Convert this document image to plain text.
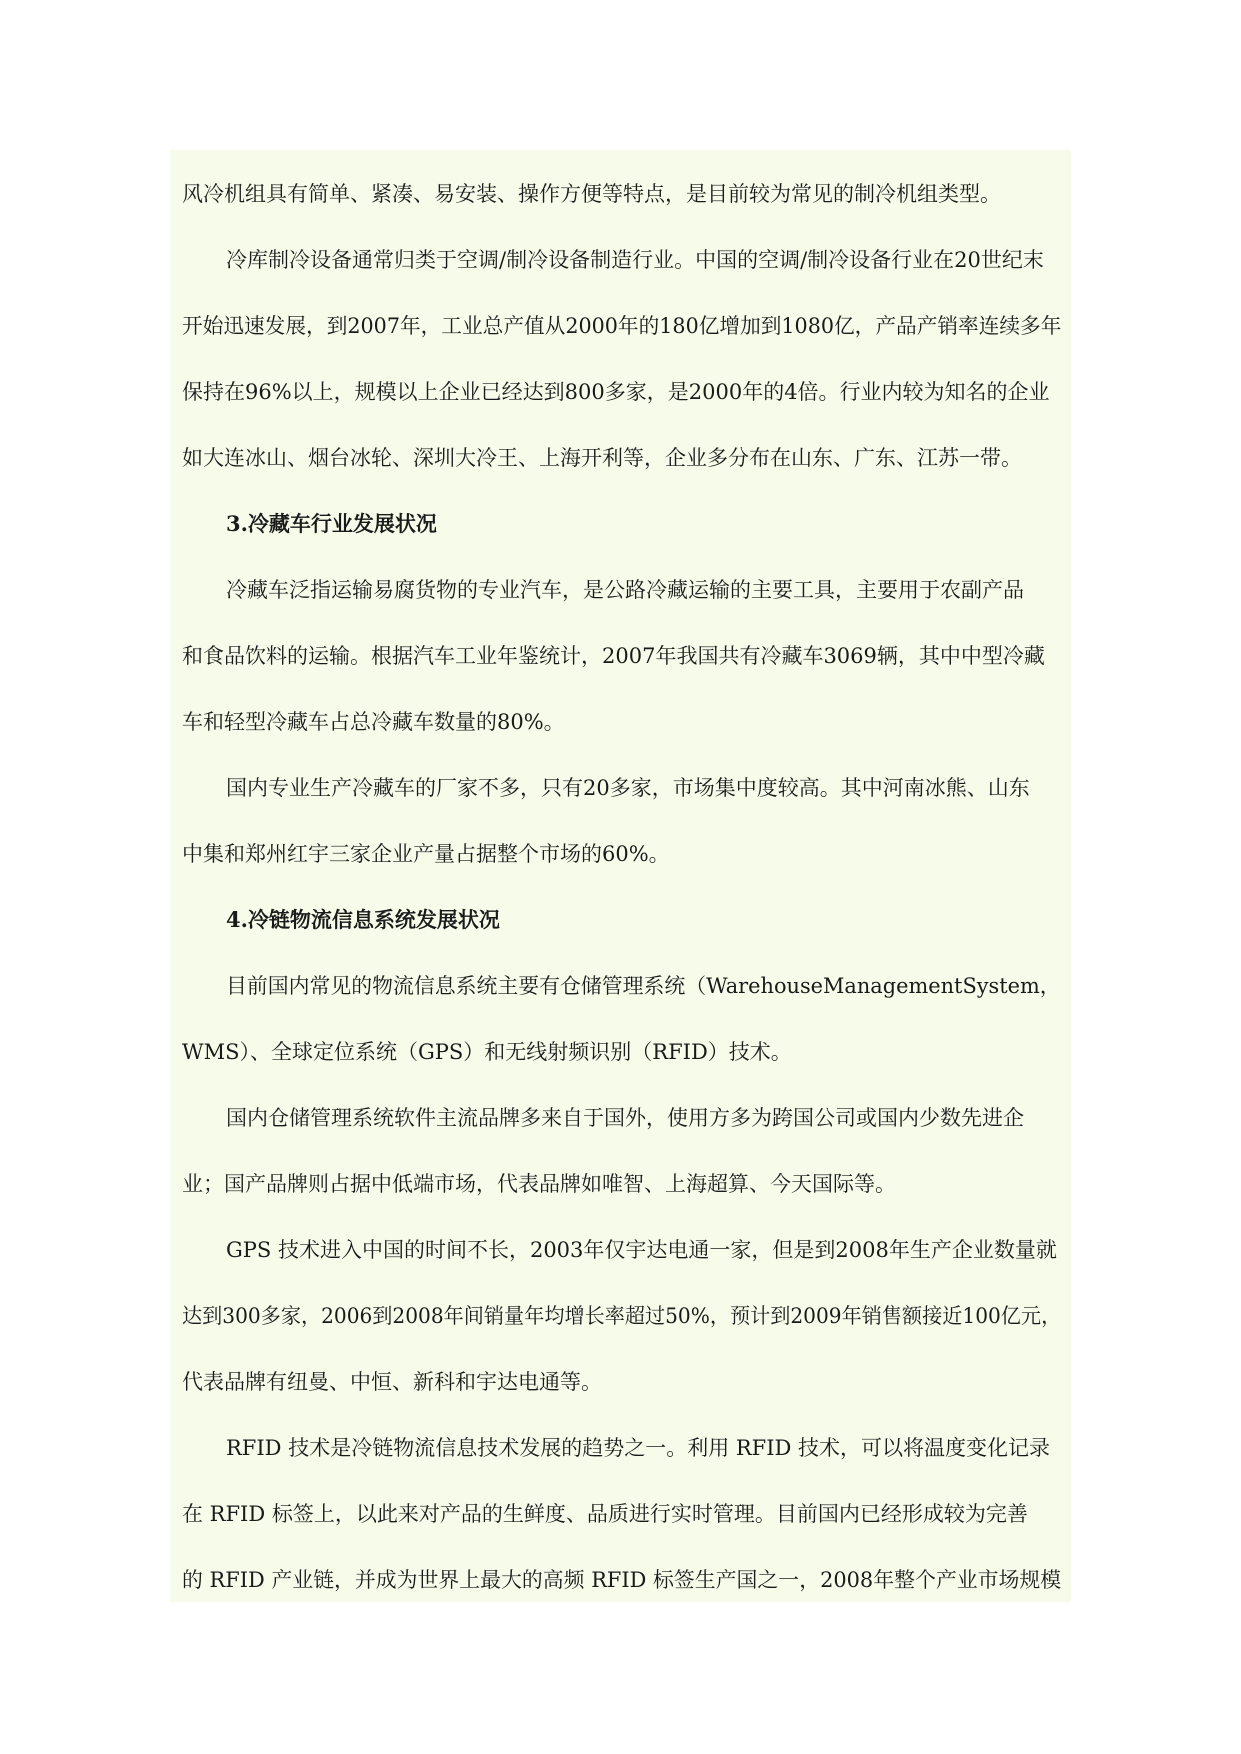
风冷机组具有简单、紧凑、易安装、操作方便等特点，是目前较为常见的制冷机组类型。
冷库制冷设备通常归类于空调/制冷设备制造行业。中国的空调/制冷设备行业在20世纪末
开始迅速发展，到2007年，工业总产值从2000年的180亿增加到1080亿，产品产销率连续多年
保持在96%以上，规模以上企业已经达到800多家，是2000年的4倍。行业内较为知名的企业
如大连冰山、烟台冰轮、深圳大冷王、上海开利等，企业多分布在山东、广东、江苏一带。
3.冷藏车行业发展状况
冷藏车泛指运输易腐货物的专业汽车，是公路冷藏运输的主要工具，主要用于农副产品
和食品饮料的运输。根据汽车工业年鉴统计，2007年我国共有冷藏车3069辆，其中中型冷藏
车和轻型冷藏车占总冷藏车数量的80%。
国内专业生产冷藏车的厂家不多，只有20多家，市场集中度较高。其中河南冰熊、山东
中集和郑州红宇三家企业产量占据整个市场的60%。
4.冷链物流信息系统发展状况
目前国内常见的物流信息系统主要有仓储管理系统（WarehouseManagementSystem，
WMS）、全球定位系统（GPS）和无线射频识别（RFID）技术。
国内仓储管理系统软件主流品牌多来自于国外，使用方多为跨国公司或国内少数先进企
业；国产品牌则占据中低端市场，代表品牌如唯智、上海超算、今天国际等。
GPS 技术进入中国的时间不长，2003年仅宇达电通一家，但是到2008年生产企业数量就
达到300多家，2006到2008年间销量年均增长率超过50%，预计到2009年销售额接近100亿元，
代表品牌有纽曼、中恒、新科和宇达电通等。
RFID 技术是冷链物流信息技术发展的趋势之一。利用 RFID 技术，可以将温度变化记录
在 RFID 标签上，以此来对产品的生鲜度、品质进行实时管理。目前国内已经形成较为完善
的 RFID 产业链，并成为世界上最大的高频 RFID 标签生产国之一，2008年整个产业市场规模
